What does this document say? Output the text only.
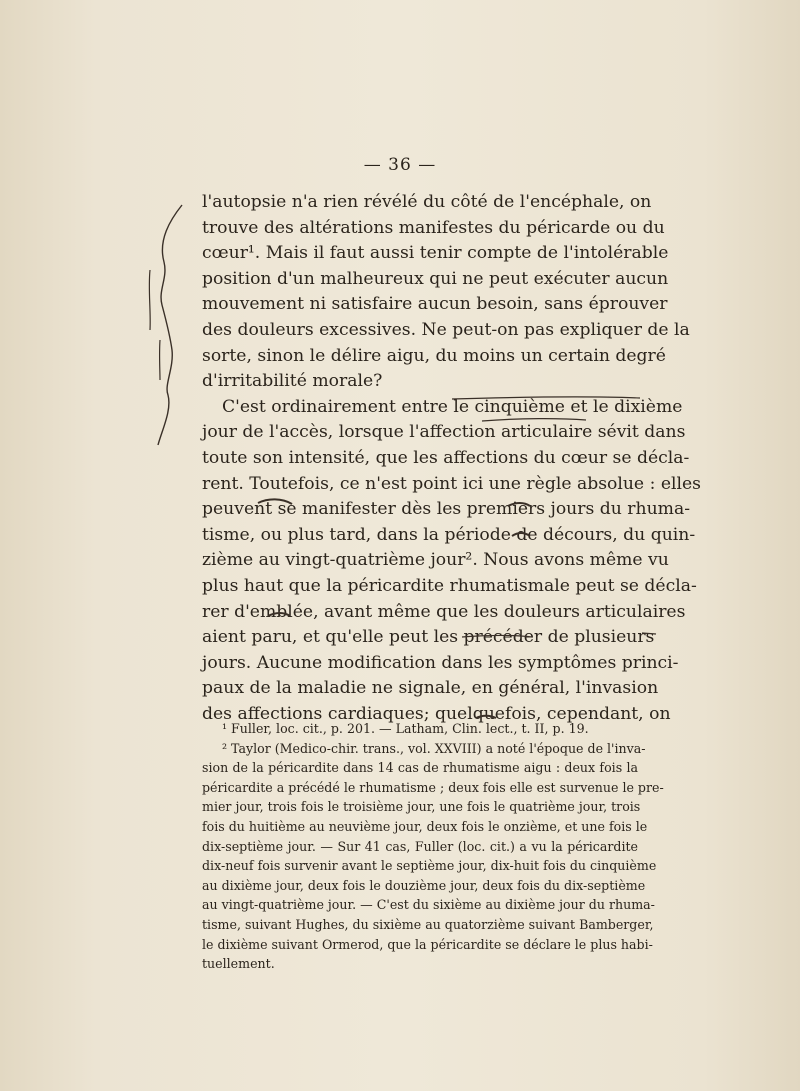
— 36 —
l'autopsie n'a rien révélé du côté de l'encéphale, on
trouve des altérations manifestes du péricarde ou du
cœur¹. Mais il faut aussi tenir compte de l'intolérable
position d'un malheureux qui ne peut exécuter aucun
mouvement ni satisfaire aucun besoin, sans éprouver
des douleurs excessives. Ne peut-on pas expliquer de la
sorte, sinon le délire aigu, du moins un certain degré
d'irritabilité morale?
C'est ordinairement entre le cinquième et le dixième
jour de l'accès, lorsque l'affection articulaire sévit dans
toute son intensité, que les affections du cœur se décla-
rent. Toutefois, ce n'est point ici une règle absolue : elles
peuvent se manifester dès les premiers jours du rhuma-
tisme, ou plus tard, dans la période de décours, du quin-
zième au vingt-quatrième jour². Nous avons même vu
plus haut que la péricardite rhumatismale peut se décla-
rer d'emblée, avant même que les douleurs articulaires
aient paru, et qu'elle peut les précéder de plusieurs
jours. Aucune modification dans les symptômes princi-
paux de la maladie ne signale, en général, l'invasion
des affections cardiaques; quelquefois, cependant, on
¹ Fuller, loc. cit., p. 201. — Latham, Clin. lect., t. II, p. 19.
² Taylor (Medico-chir. trans., vol. XXVIII) a noté l'époque de l'inva-
sion de la péricardite dans 14 cas de rhumatisme aigu : deux fois la
péricardite a précédé le rhumatisme ; deux fois elle est survenue le pre-
mier jour, trois fois le troisième jour, une fois le quatrième jour, trois
fois du huitième au neuvième jour, deux fois le onzième, et une fois le
dix-septième jour. — Sur 41 cas, Fuller (loc. cit.) a vu la péricardite
dix-neuf fois survenir avant le septième jour, dix-huit fois du cinquième
au dixième jour, deux fois le douzième jour, deux fois du dix-septième
au vingt-quatrième jour. — C'est du sixième au dixième jour du rhuma-
tisme, suivant Hughes, du sixième au quatorzième suivant Bamberger,
le dixième suivant Ormerod, que la péricardite se déclare le plus habi-
tuellement.
